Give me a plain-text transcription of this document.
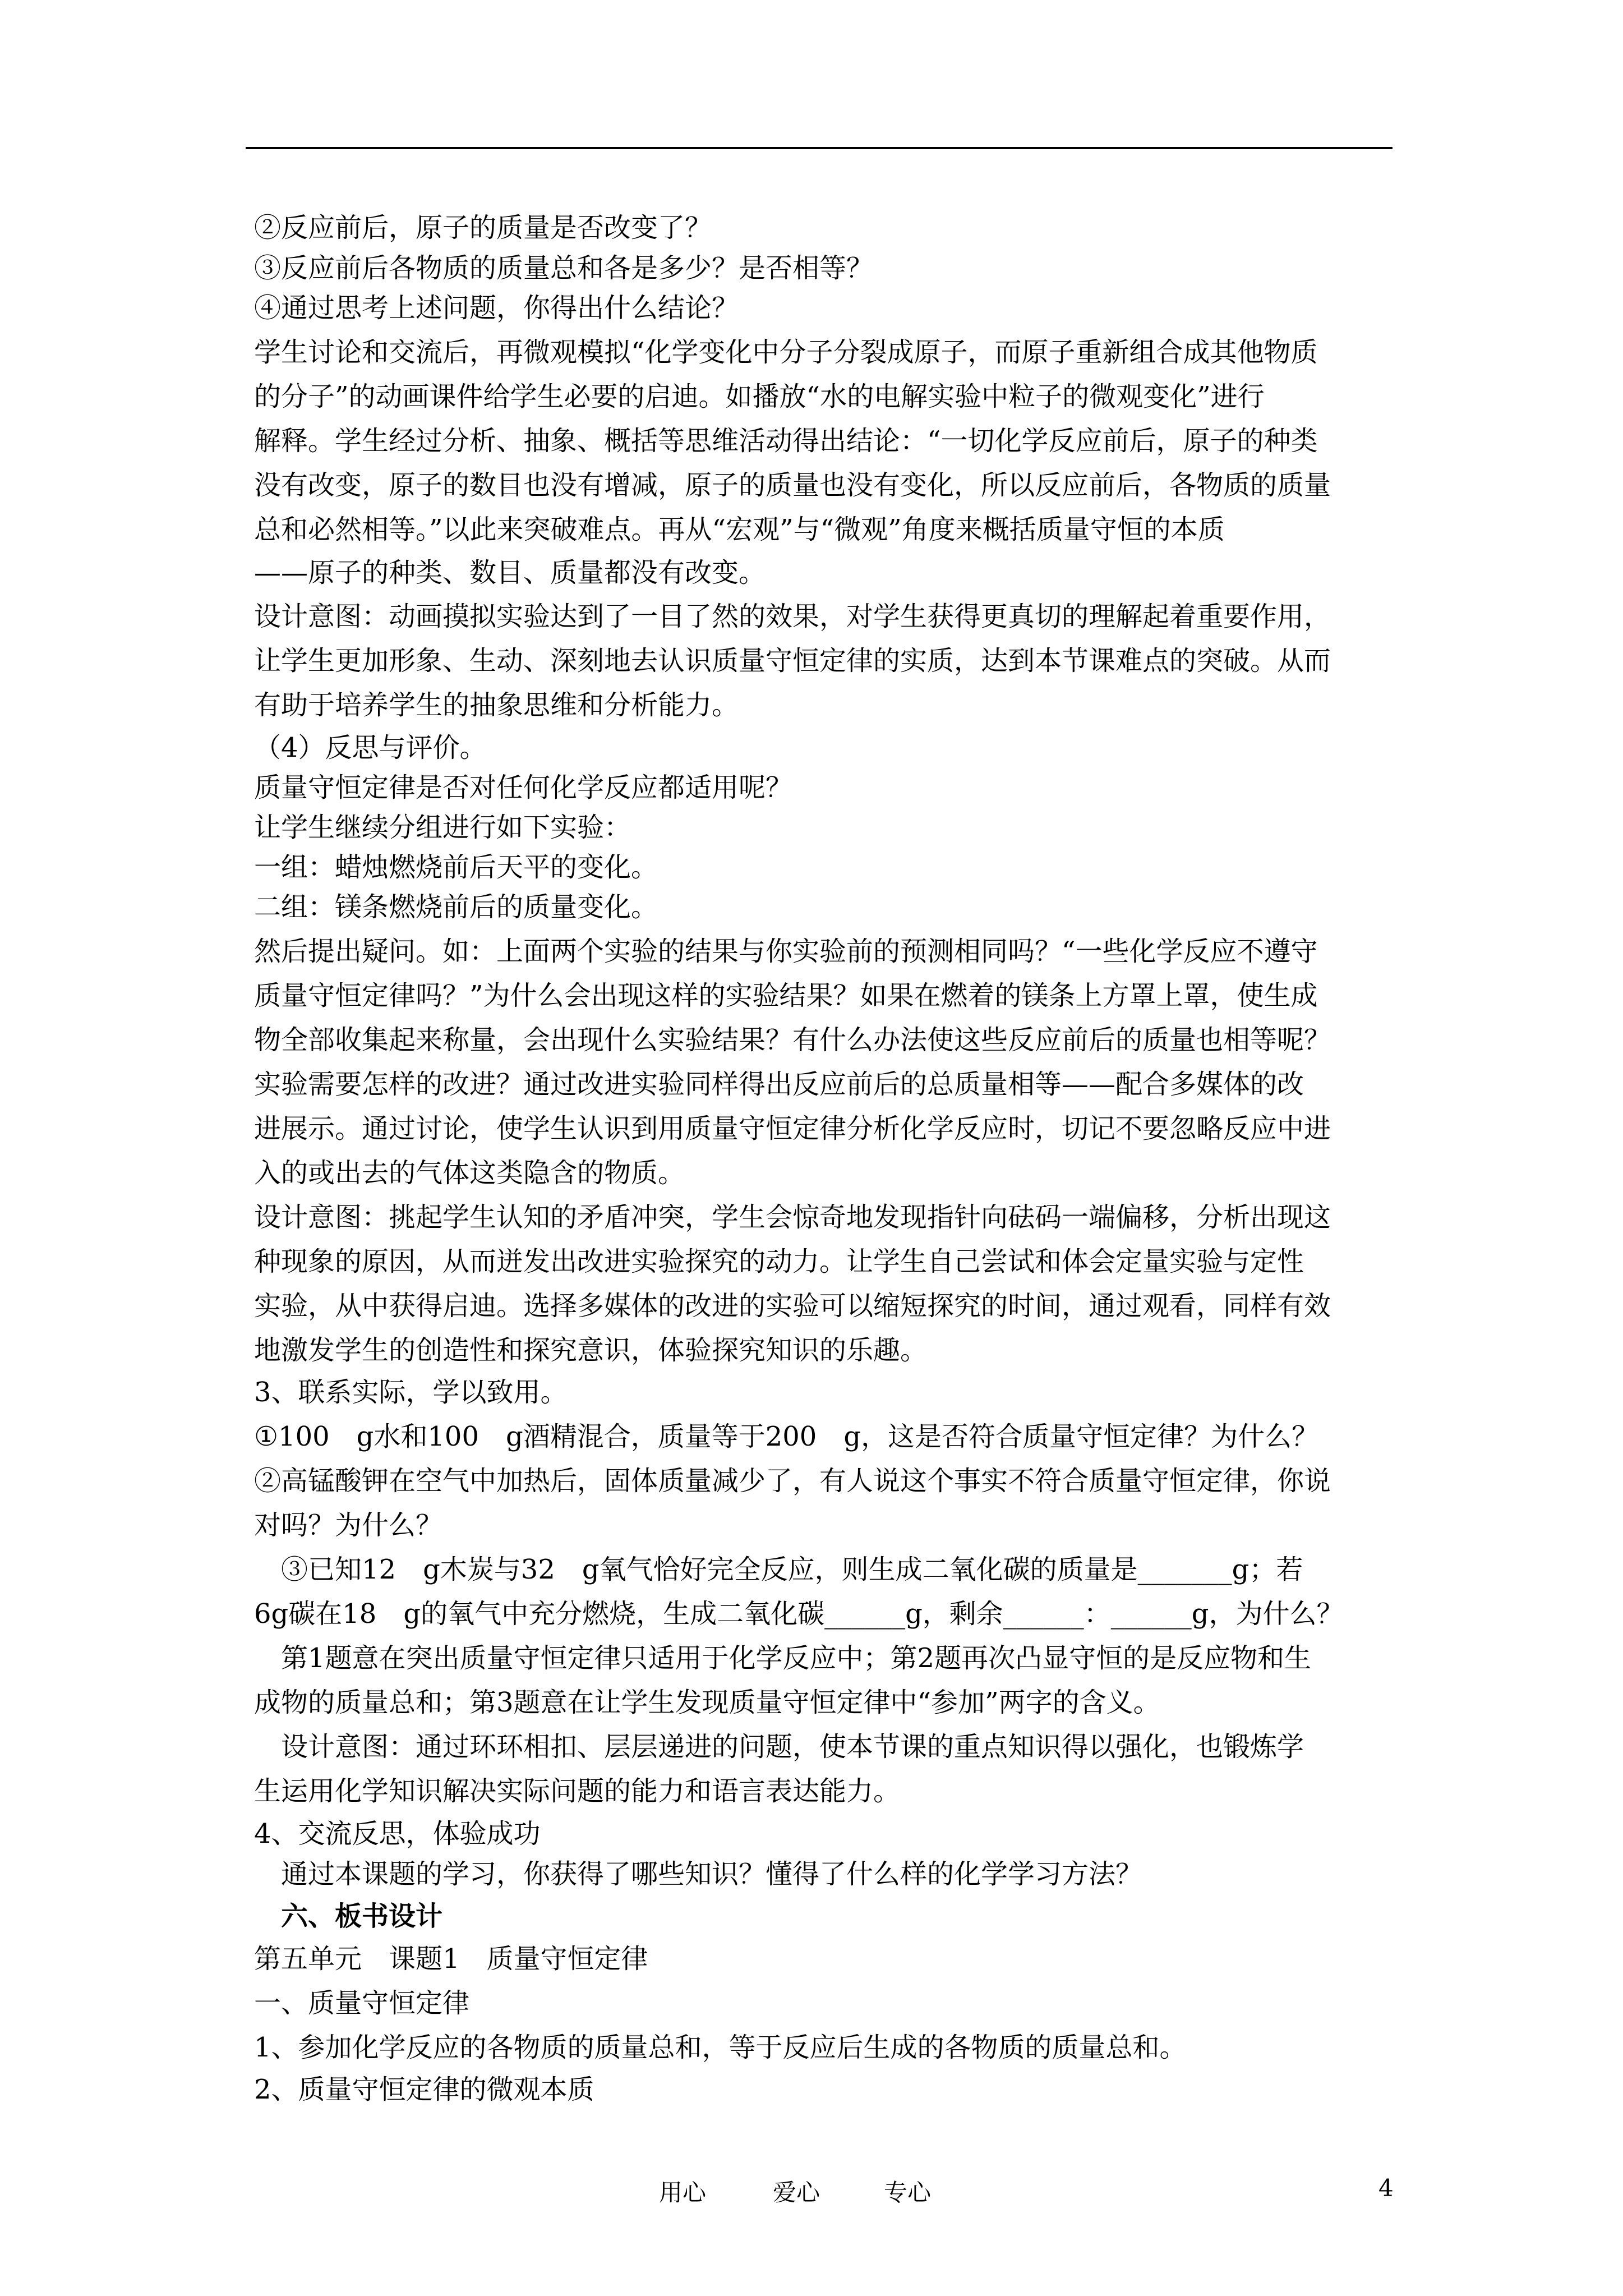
②反应前后，原子的质量是否改变了？
③反应前后各物质的质量总和各是多少？是否相等？
④通过思考上述问题，你得出什么结论？
学生讨论和交流后，再微观模拟“化学变化中分子分裂成原子，而原子重新组合成其他物质
的分子”的动画课件给学生必要的启迪。如播放“水的电解实验中粒子的微观变化”进行
解释。学生经过分析、抽象、概括等思维活动得出结论：“一切化学反应前后，原子的种类
没有改变，原子的数目也没有增减，原子的质量也没有变化，所以反应前后，各物质的质量
总和必然相等。”以此来突破难点。再从“宏观”与“微观”角度来概括质量守恒的本质
——原子的种类、数目、质量都没有改变。
设计意图：动画摸拟实验达到了一目了然的效果，对学生获得更真切的理解起着重要作用，
让学生更加形象、生动、深刻地去认识质量守恒定律的实质，达到本节课难点的突破。从而
有助于培养学生的抽象思维和分析能力。
（4）反思与评价。
质量守恒定律是否对任何化学反应都适用呢？
让学生继续分组进行如下实验：
一组：蜡烛燃烧前后天平的变化。
二组：镁条燃烧前后的质量变化。
然后提出疑问。如：上面两个实验的结果与你实验前的预测相同吗？“一些化学反应不遵守
质量守恒定律吗？”为什么会出现这样的实验结果？如果在燃着的镁条上方罩上罩，使生成
物全部收集起来称量，会出现什么实验结果？有什么办法使这些反应前后的质量也相等呢？
实验需要怎样的改进？通过改进实验同样得出反应前后的总质量相等——配合多媒体的改
进展示。通过讨论，使学生认识到用质量守恒定律分析化学反应时，切记不要忽略反应中进
入的或出去的气体这类隐含的物质。
设计意图：挑起学生认知的矛盾冲突，学生会惊奇地发现指针向砝码一端偏移，分析出现这
种现象的原因，从而迸发出改进实验探究的动力。让学生自己尝试和体会定量实验与定性
实验，从中获得启迪。选择多媒体的改进的实验可以缩短探究的时间，通过观看，同样有效
地激发学生的创造性和探究意识，体验探究知识的乐趣。
3、联系实际，学以致用。
①100　g水和100　g酒精混合，质量等于200　g，这是否符合质量守恒定律？为什么？
②高锰酸钾在空气中加热后，固体质量减少了，有人说这个事实不符合质量守恒定律，你说
对吗？为什么？
　③已知12　g木炭与32　g氧气恰好完全反应，则生成二氧化碳的质量是_______g；若
6g碳在18　g的氧气中充分燃烧，生成二氧化碳______g，剩余______：______g，为什么？
　第1题意在突出质量守恒定律只适用于化学反应中；第2题再次凸显守恒的是反应物和生
成物的质量总和；第3题意在让学生发现质量守恒定律中“参加”两字的含义。
　设计意图：通过环环相扣、层层递进的问题，使本节课的重点知识得以强化，也锻炼学
生运用化学知识解决实际问题的能力和语言表达能力。
4、交流反思，体验成功
　通过本课题的学习，你获得了哪些知识？懂得了什么样的化学学习方法？
　六、板书设计
第五单元　课题1　质量守恒定律
一、质量守恒定律
1、参加化学反应的各物质的质量总和，等于反应后生成的各物质的质量总和。
2、质量守恒定律的微观本质
用心	爱心	专心	4
